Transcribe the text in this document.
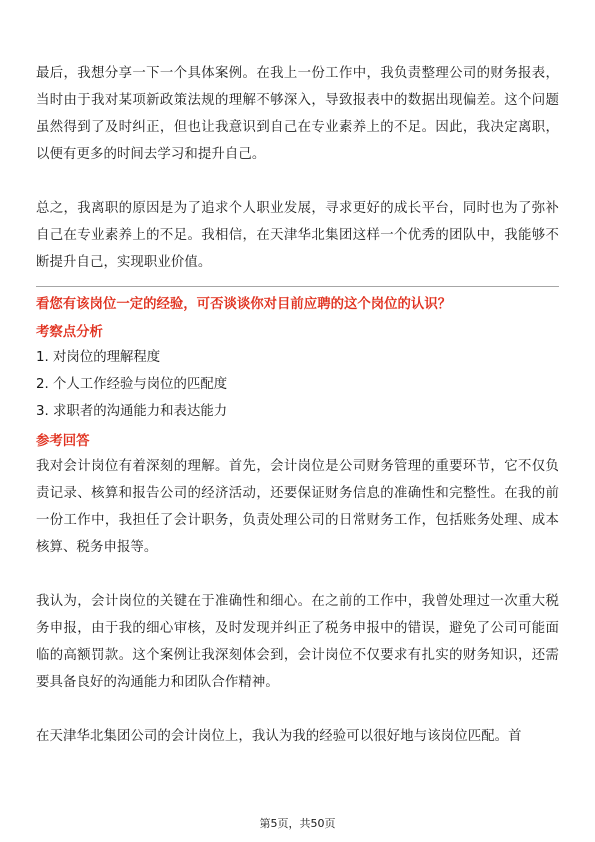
最后，我想分享一下一个具体案例。在我上一份工作中，我负责整理公司的财务报表，当时由于我对某项新政策法规的理解不够深入，导致报表中的数据出现偏差。这个问题虽然得到了及时纠正，但也让我意识到自己在专业素养上的不足。因此，我决定离职，以便有更多的时间去学习和提升自己。

总之，我离职的原因是为了追求个人职业发展，寻求更好的成长平台，同时也为了弥补自己在专业素养上的不足。我相信，在天津华北集团这样一个优秀的团队中，我能够不断提升自己，实现职业价值。

看您有该岗位一定的经验，可否谈谈你对目前应聘的这个岗位的认识？
考察点分析
1. 对岗位的理解程度
2. 个人工作经验与岗位的匹配度
3. 求职者的沟通能力和表达能力
参考回答

我对会计岗位有着深刻的理解。首先，会计岗位是公司财务管理的重要环节，它不仅负责记录、核算和报告公司的经济活动，还要保证财务信息的准确性和完整性。在我的前一份工作中，我担任了会计职务，负责处理公司的日常财务工作，包括账务处理、成本核算、税务申报等。

我认为，会计岗位的关键在于准确性和细心。在之前的工作中，我曾处理过一次重大税务申报，由于我的细心审核，及时发现并纠正了税务申报中的错误，避免了公司可能面临的高额罚款。这个案例让我深刻体会到，会计岗位不仅要求有扎实的财务知识，还需要具备良好的沟通能力和团队合作精神。

在天津华北集团公司的会计岗位上，我认为我的经验可以很好地与该岗位匹配。首

第5页，共50页
